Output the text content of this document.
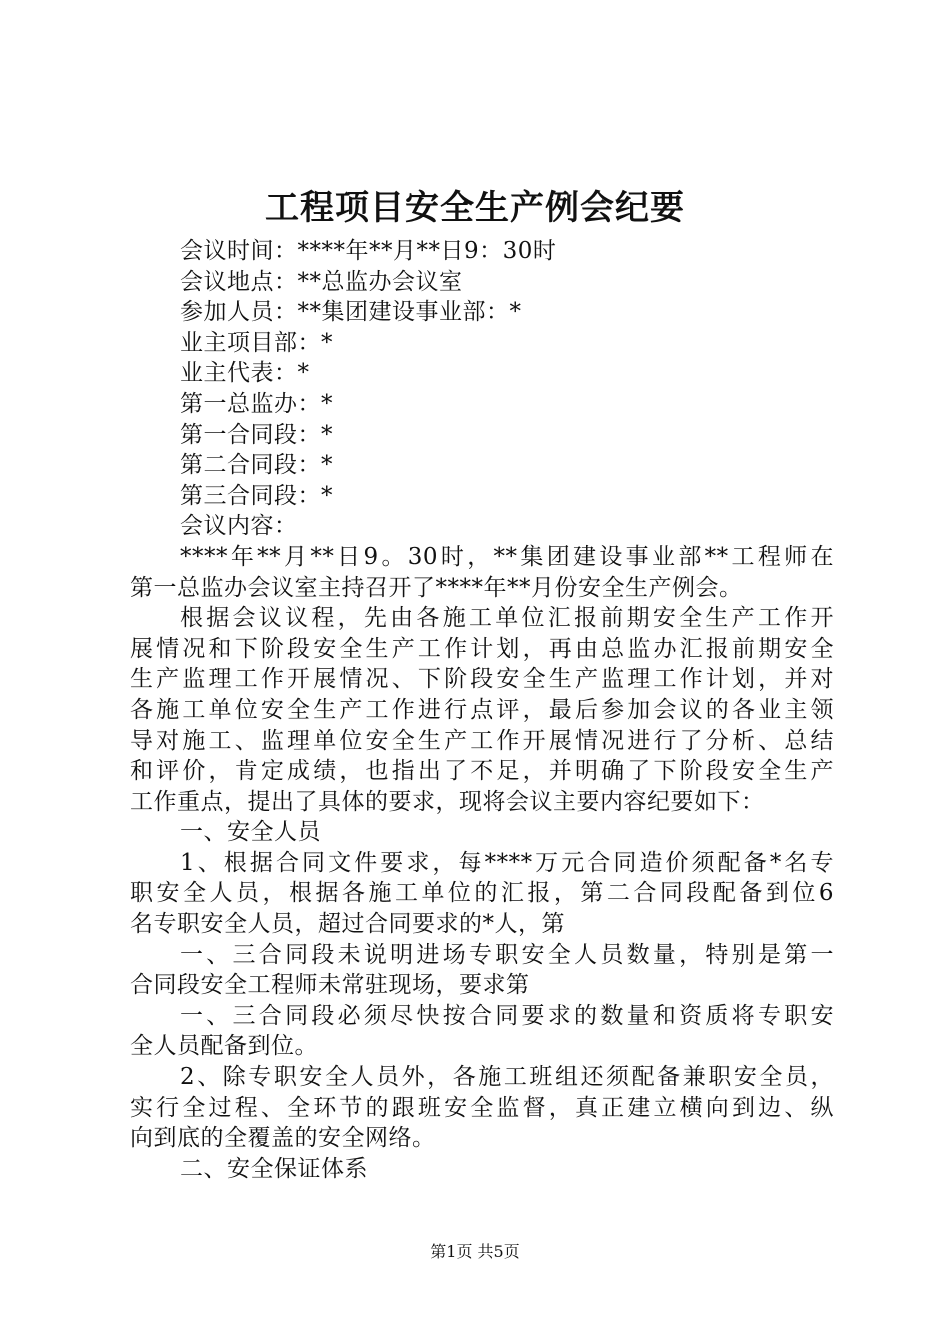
工程项目安全生产例会纪要
会议时间：****年**月**日9：30时
会议地点：**总监办会议室
参加人员：**集团建设事业部：*
业主项目部：*
业主代表：*
第一总监办：*
第一合同段：*
第二合同段：*
第三合同段：*
会议内容：
****年**月**日9。30时，**集团建设事业部**工程师在
第一总监办会议室主持召开了****年**月份安全生产例会。
根据会议议程，先由各施工单位汇报前期安全生产工作开
展情况和下阶段安全生产工作计划，再由总监办汇报前期安全
生产监理工作开展情况、下阶段安全生产监理工作计划，并对
各施工单位安全生产工作进行点评，最后参加会议的各业主领
导对施工、监理单位安全生产工作开展情况进行了分析、总结
和评价，肯定成绩，也指出了不足，并明确了下阶段安全生产
工作重点，提出了具体的要求，现将会议主要内容纪要如下：
一、安全人员
1、根据合同文件要求，每****万元合同造价须配备*名专
职安全人员，根据各施工单位的汇报，第二合同段配备到位6
名专职安全人员，超过合同要求的*人，第
一、三合同段未说明进场专职安全人员数量，特别是第一
合同段安全工程师未常驻现场，要求第
一、三合同段必须尽快按合同要求的数量和资质将专职安
全人员配备到位。
2、除专职安全人员外，各施工班组还须配备兼职安全员，
实行全过程、全环节的跟班安全监督，真正建立横向到边、纵
向到底的全覆盖的安全网络。
二、安全保证体系
第1页 共5页
